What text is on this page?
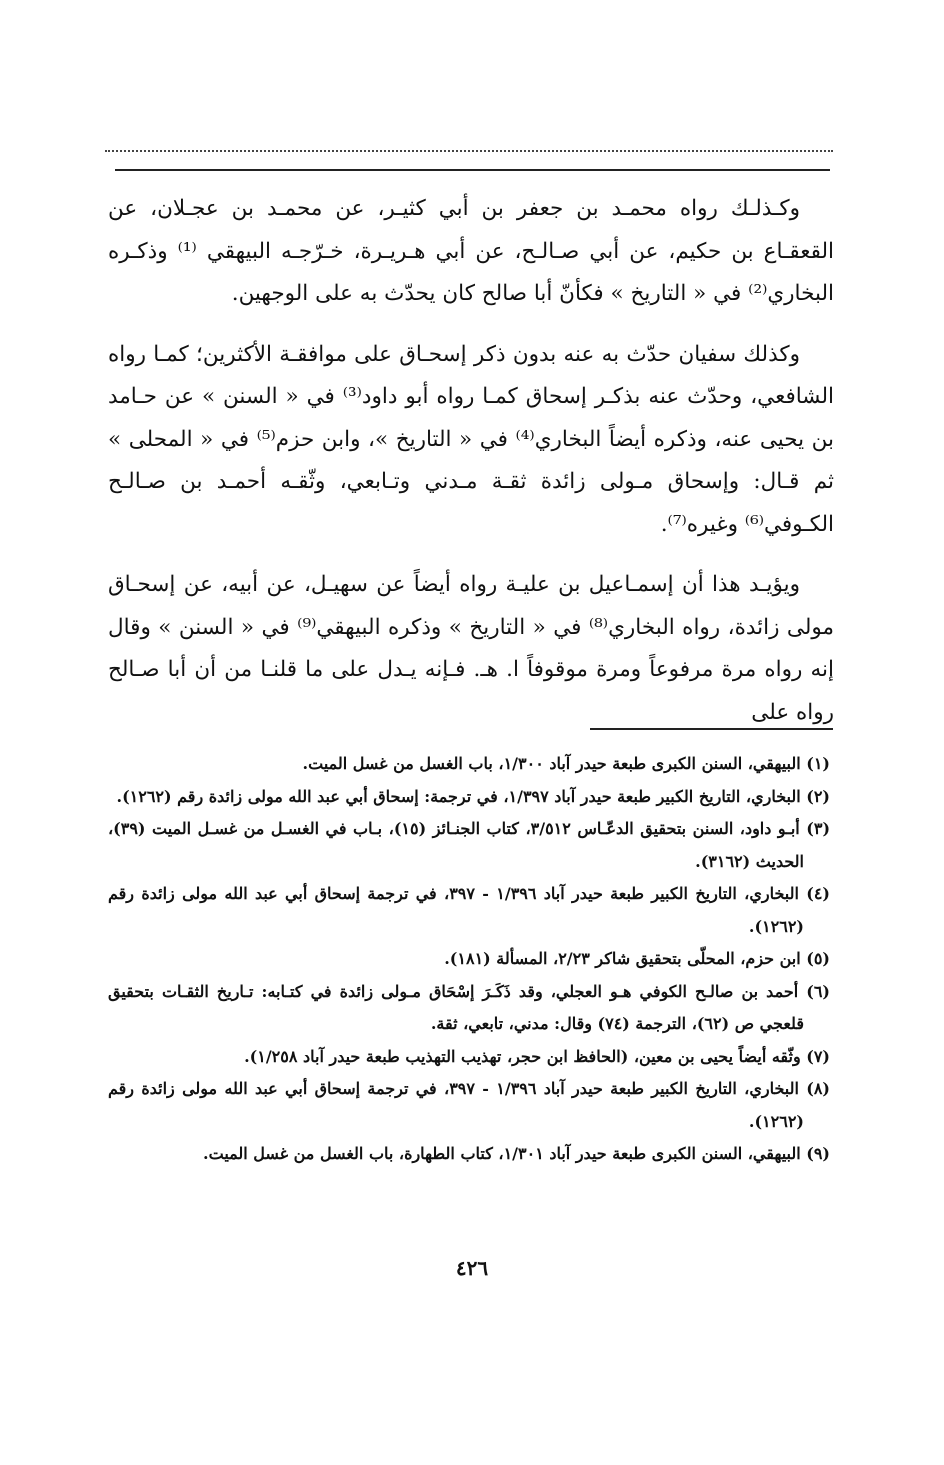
وكـذلـك رواه محمـد بن جعفر بن أبي كثيـر، عن محمـد بن عجـلان، عن القعقـاع بن حكيم، عن أبي صـالـح، عن أبي هـريـرة، خـرّجـه البيهقي ⁽¹⁾ وذكـره البخاري⁽²⁾ في « التاريخ » فكأنّ أبا صالح كان يحدّث به على الوجهين.

وكذلك سفيان حدّث به عنه بدون ذكر إسحـاق على موافقـة الأكثرين؛ كمـا رواه الشافعي، وحدّث عنه بذكـر إسحاق كمـا رواه أبو داود⁽³⁾ في « السنن » عن حـامد بن يحيى عنه، وذكره أيضاً البخاري⁽⁴⁾ في « التاريخ »، وابن حزم⁽⁵⁾ في « المحلى » ثم قـال: وإسحاق مـولى زائدة ثقـة مـدني وتـابعي، وثّقـه أحمـد بن صـالـح الكـوفي⁽⁶⁾ وغيره⁽⁷⁾.

ويؤيـد هذا أن إسمـاعيل بن عليـة رواه أيضاً عن سهيـل، عن أبيه، عن إسحـاق مولى زائدة، رواه البخاري⁽⁸⁾ في « التاريخ » وذكره البيهقي⁽⁹⁾ في « السنن » وقال إنه رواه مرة مرفوعاً ومرة موقوفاً ا. هـ. فـإنه يـدل على ما قلنـا من أن أبا صـالح رواه على

(١) البيهقي، السنن الكبرى طبعة حيدر آباد ١/٣٠٠، باب الغسل من غسل الميت.

(٢) البخاري، التاريخ الكبير طبعة حيدر آباد ١/٣٩٧، في ترجمة: إسحاق أبي عبد الله مولى زائدة رقم (١٢٦٢).

(٣) أبـو داود، السنن بتحقيق الدعّـاس ٣/٥١٢، كتاب الجنـائز (١٥)، بـاب في الغسـل من غسـل الميت (٣٩)، الحديث (٣١٦٢).

(٤) البخاري، التاريخ الكبير طبعة حيدر آباد ١/٣٩٦ - ٣٩٧، في ترجمة إسحاق أبي عبد الله مولى زائدة رقم (١٢٦٢).

(٥) ابن حزم، المحلّى بتحقيق شاكر ٢/٢٣، المسألة (١٨١).

(٦) أحمد بن صالـح الكوفي هـو العجلي، وقد ذَكَـرَ إسْحَاق مـولى زائدة في كتـابه: تـاريخ الثقـات بتحقيق قلعجي ص (٦٢)، الترجمة (٧٤) وقال: مدني، تابعي، ثقة.

(٧) وثّقه أيضاً يحيى بن معين، (الحافظ ابن حجر، تهذيب التهذيب طبعة حيدر آباد ١/٢٥٨).

(٨) البخاري، التاريخ الكبير طبعة حيدر آباد ١/٣٩٦ - ٣٩٧، في ترجمة إسحاق أبي عبد الله مولى زائدة رقم (١٢٦٢).

(٩) البيهقي، السنن الكبرى طبعة حيدر آباد ١/٣٠١، كتاب الطهارة، باب الغسل من غسل الميت.

٤٢٦
